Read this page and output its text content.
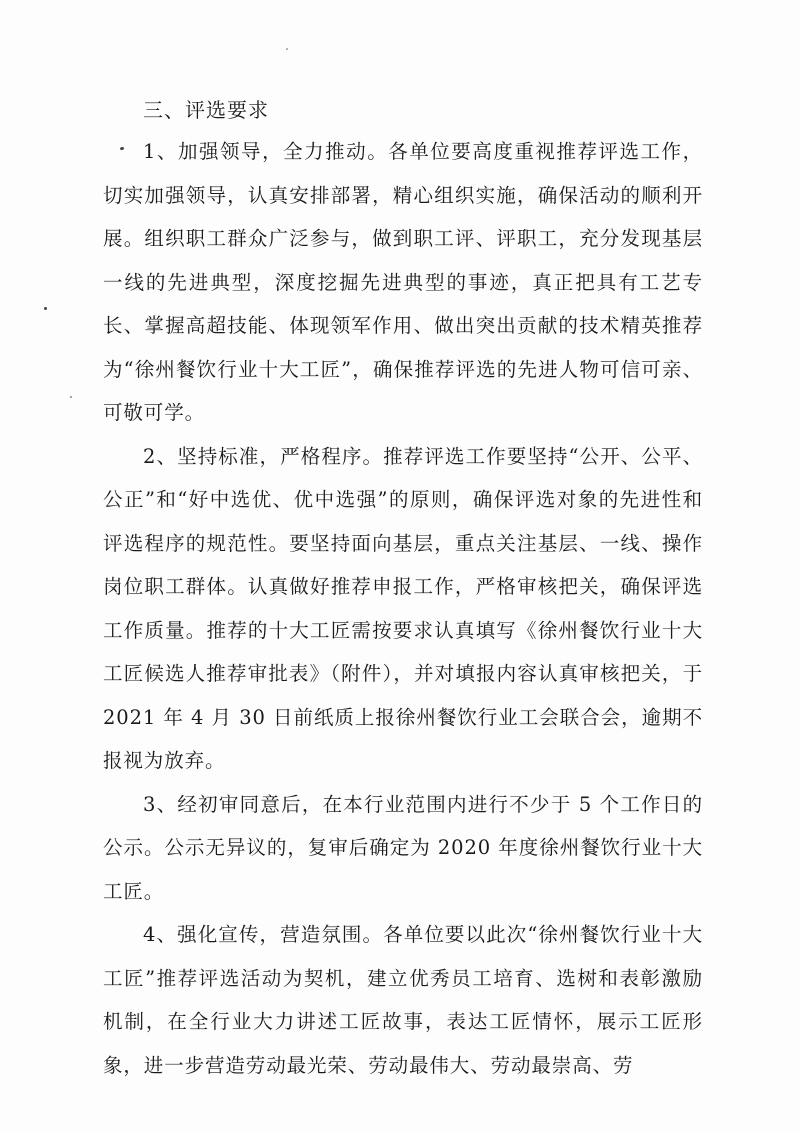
三、评选要求

1、加强领导，全力推动。各单位要高度重视推荐评选工作，切实加强领导，认真安排部署，精心组织实施，确保活动的顺利开展。组织职工群众广泛参与，做到职工评、评职工，充分发现基层一线的先进典型，深度挖掘先进典型的事迹，真正把具有工艺专长、掌握高超技能、体现领军作用、做出突出贡献的技术精英推荐为“徐州餐饮行业十大工匠”，确保推荐评选的先进人物可信可亲、可敬可学。

2、坚持标准，严格程序。推荐评选工作要坚持“公开、公平、公正”和“好中选优、优中选强”的原则，确保评选对象的先进性和评选程序的规范性。要坚持面向基层，重点关注基层、一线、操作岗位职工群体。认真做好推荐申报工作，严格审核把关，确保评选工作质量。推荐的十大工匠需按要求认真填写《徐州餐饮行业十大工匠候选人推荐审批表》（附件），并对填报内容认真审核把关，于 2021 年 4 月 30 日前纸质上报徐州餐饮行业工会联合会，逾期不报视为放弃。

3、经初审同意后，在本行业范围内进行不少于 5 个工作日的公示。公示无异议的，复审后确定为 2020 年度徐州餐饮行业十大工匠。

4、强化宣传，营造氛围。各单位要以此次“徐州餐饮行业十大工匠”推荐评选活动为契机，建立优秀员工培育、选树和表彰激励机制，在全行业大力讲述工匠故事，表达工匠情怀，展示工匠形象，进一步营造劳动最光荣、劳动最伟大、劳动最崇高、劳
